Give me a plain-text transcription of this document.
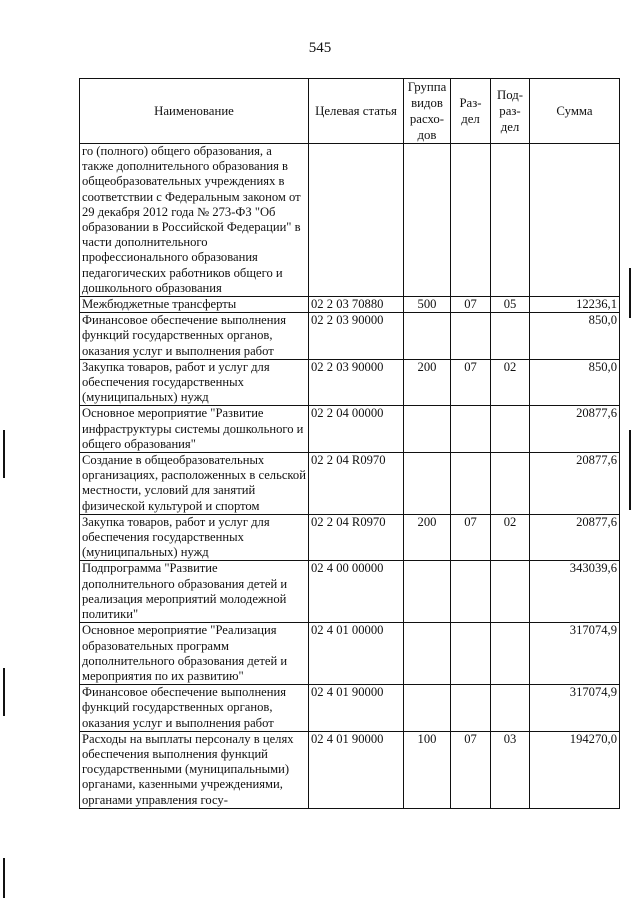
545
Наименование	Целевая статья	Группа видов расхо-дов	Раз-дел	Под-раз-дел	Сумма
го (полного) общего образования, а также дополнительного образования в общеобразовательных учреждениях в соответствии с Федеральным законом от 29 декабря 2012 года № 273-ФЗ "Об образовании в Российской Федерации" в части дополнительного профессионального образования педагогических работников общего и дошкольного образования					
Межбюджетные трансферты	02 2 03 70880	500	07	05	12236,1
Финансовое обеспечение выполнения функций государственных органов, оказания услуг и выполнения работ	02 2 03 90000				850,0
Закупка товаров, работ и услуг для обеспечения государственных (муниципальных) нужд	02 2 03 90000	200	07	02	850,0
Основное мероприятие "Развитие инфраструктуры системы дошкольного и общего образования"	02 2 04 00000				20877,6
Создание в общеобразовательных организациях, расположенных в сельской местности, условий для занятий физической культурой и спортом	02 2 04 R0970				20877,6
Закупка товаров, работ и услуг для обеспечения государственных (муниципальных) нужд	02 2 04 R0970	200	07	02	20877,6
Подпрограмма "Развитие дополнительного образования детей и реализация мероприятий молодежной политики"	02 4 00 00000				343039,6
Основное мероприятие "Реализация образовательных программ дополнительного образования детей и мероприятия по их развитию"	02 4 01 00000				317074,9
Финансовое обеспечение выполнения функций государственных органов, оказания услуг и выполнения работ	02 4 01 90000				317074,9
Расходы на выплаты персоналу в целях обеспечения выполнения функций государственными (муниципальными) органами, казенными учреждениями, органами управления госу-	02 4 01 90000	100	07	03	194270,0
